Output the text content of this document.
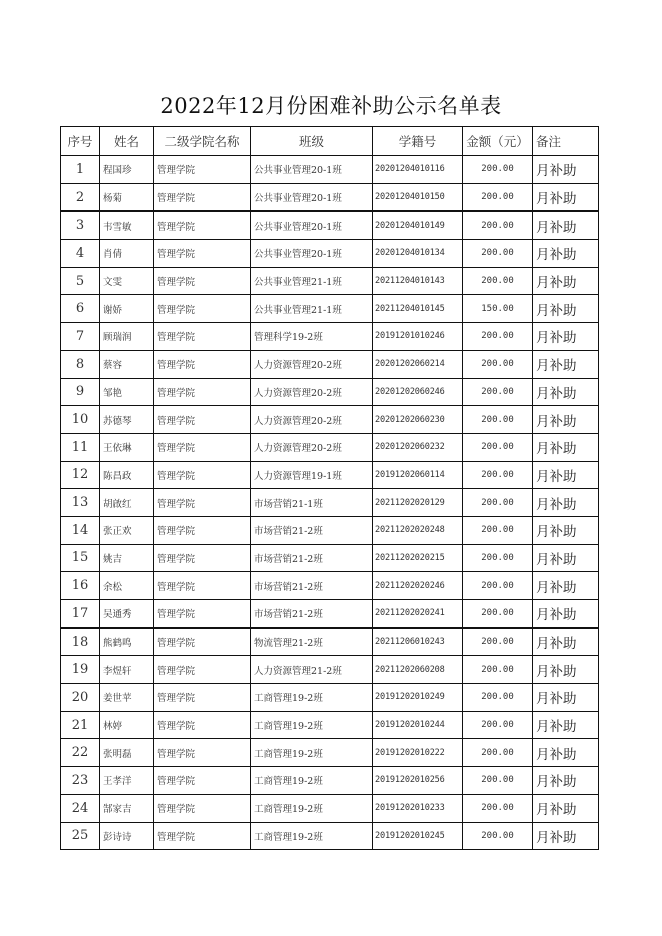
2022年12月份困难补助公示名单表
序号	姓名	二级学院名称	班级	学籍号	金额（元）	备注
1	程国珍	管理学院	公共事业管理20-1班	20201204010116	200.00	月补助
2	杨菊	管理学院	公共事业管理20-1班	20201204010150	200.00	月补助
3	韦雪敏	管理学院	公共事业管理20-1班	20201204010149	200.00	月补助
4	肖倩	管理学院	公共事业管理20-1班	20201204010134	200.00	月补助
5	文雯	管理学院	公共事业管理21-1班	20211204010143	200.00	月补助
6	谢娇	管理学院	公共事业管理21-1班	20211204010145	150.00	月补助
7	顾瑞润	管理学院	管理科学19-2班	20191201010246	200.00	月补助
8	蔡容	管理学院	人力资源管理20-2班	20201202060214	200.00	月补助
9	邹艳	管理学院	人力资源管理20-2班	20201202060246	200.00	月补助
10	苏德琴	管理学院	人力资源管理20-2班	20201202060230	200.00	月补助
11	王依琳	管理学院	人力资源管理20-2班	20201202060232	200.00	月补助
12	陈昌政	管理学院	人力资源管理19-1班	20191202060114	200.00	月补助
13	胡啟红	管理学院	市场营销21-1班	20211202020129	200.00	月补助
14	张正欢	管理学院	市场营销21-2班	20211202020248	200.00	月补助
15	姚吉	管理学院	市场营销21-2班	20211202020215	200.00	月补助
16	余松	管理学院	市场营销21-2班	20211202020246	200.00	月补助
17	吴通秀	管理学院	市场营销21-2班	20211202020241	200.00	月补助
18	熊鹤鸣	管理学院	物流管理21-2班	20211206010243	200.00	月补助
19	李煜轩	管理学院	人力资源管理21-2班	20211202060208	200.00	月补助
20	姜世苹	管理学院	工商管理19-2班	20191202010249	200.00	月补助
21	林婷	管理学院	工商管理19-2班	20191202010244	200.00	月补助
22	张明磊	管理学院	工商管理19-2班	20191202010222	200.00	月补助
23	王孝洋	管理学院	工商管理19-2班	20191202010256	200.00	月补助
24	郜家吉	管理学院	工商管理19-2班	20191202010233	200.00	月补助
25	彭诗诗	管理学院	工商管理19-2班	20191202010245	200.00	月补助
